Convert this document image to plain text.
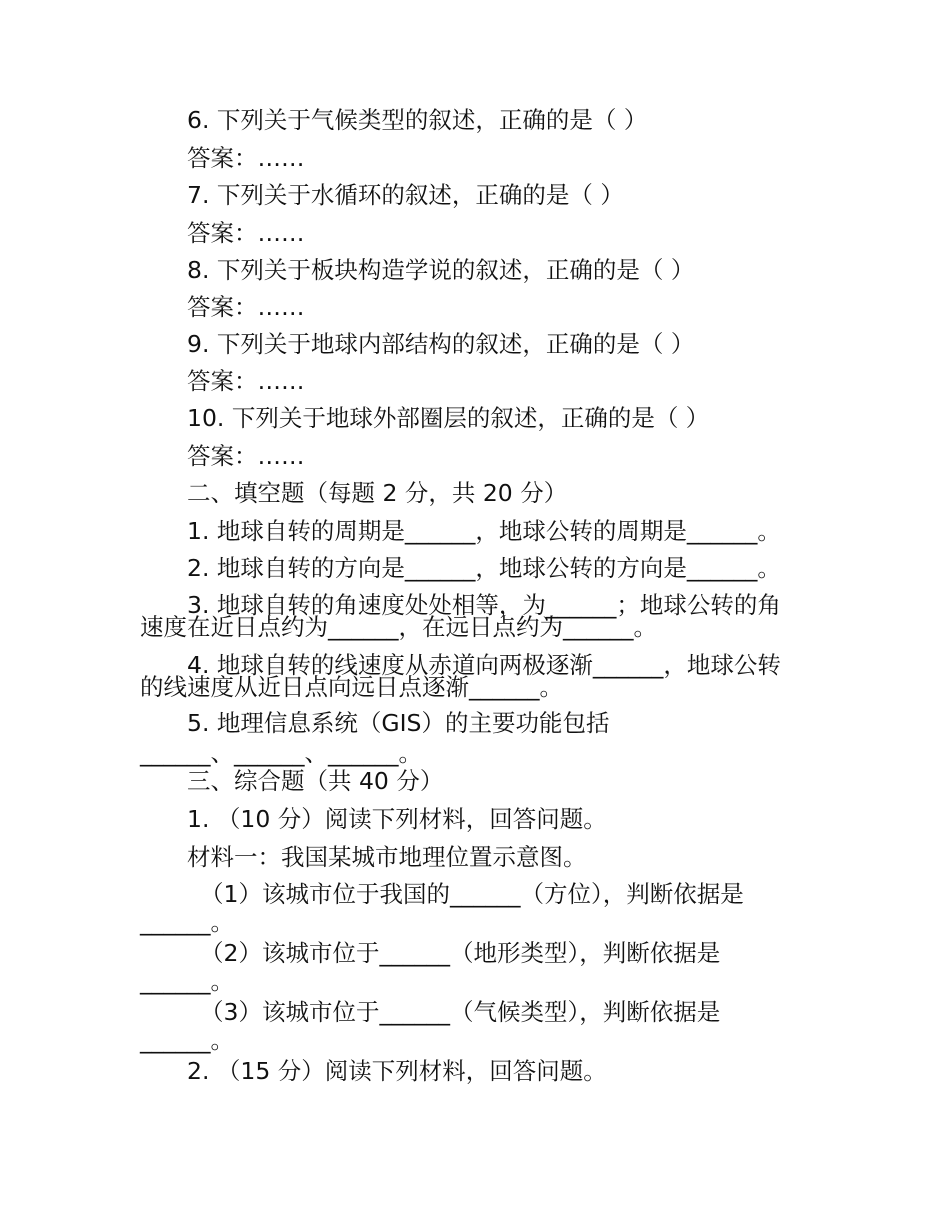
6. 下列关于气候类型的叙述，正确的是（ ）
答案：……
7. 下列关于水循环的叙述，正确的是（ ）
答案：……
8. 下列关于板块构造学说的叙述，正确的是（ ）
答案：……
9. 下列关于地球内部结构的叙述，正确的是（ ）
答案：……
10. 下列关于地球外部圈层的叙述，正确的是（ ）
答案：……
二、填空题（每题 2 分，共 20 分）
1. 地球自转的周期是______，地球公转的周期是______。
2. 地球自转的方向是______，地球公转的方向是______。
3. 地球自转的角速度处处相等，为______；地球公转的角
速度在近日点约为______，在远日点约为______。
4. 地球自转的线速度从赤道向两极逐渐______，地球公转
的线速度从近日点向远日点逐渐______。
5. 地理信息系统（GIS）的主要功能包括
______、______、______。
三、综合题（共 40 分）
1. （10 分）阅读下列材料，回答问题。
材料一：我国某城市地理位置示意图。
（1）该城市位于我国的______（方位），判断依据是
______。
（2）该城市位于______（地形类型），判断依据是
______。
（3）该城市位于______（气候类型），判断依据是
______。
2. （15 分）阅读下列材料，回答问题。
